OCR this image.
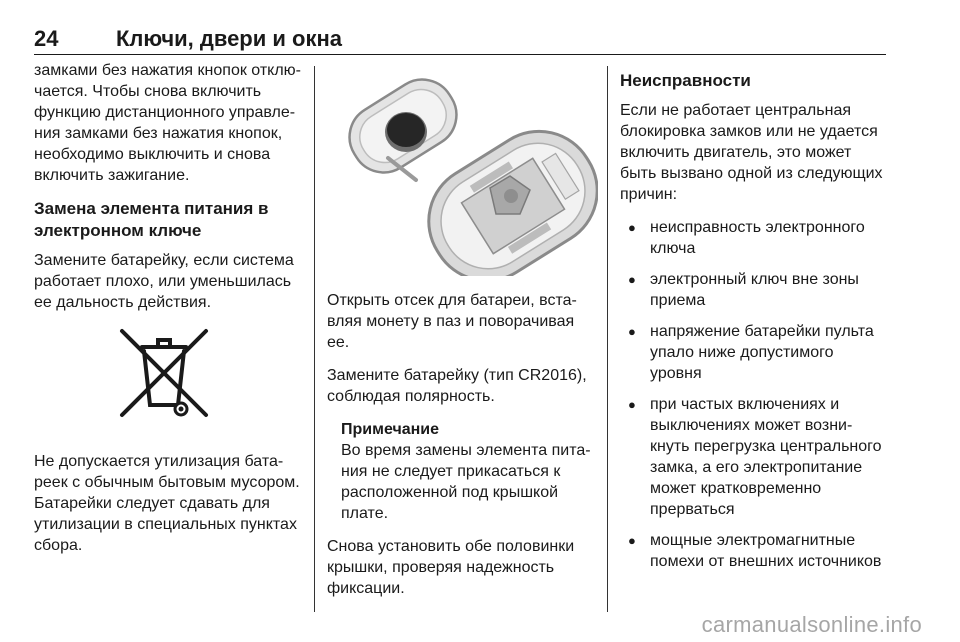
24	Ключи, двери и окна

замками без нажатия кнопок отклю-
чается. Чтобы снова включить
функцию дистанционного управле-
ния замками без нажатия кнопок,
необходимо выключить и снова
включить зажигание.

Замена элемента питания в
электронном ключе

Замените батарейку, если система
работает плохо, или уменьшилась
ее дальность действия.

Не допускается утилизация бата-
реек с обычным бытовым мусором.
Батарейки следует сдавать для
утилизации в специальных пунктах
сбора.

Открыть отсек для батареи, вста-
вляя монету в паз и поворачивая
ее.

Замените батарейку (тип CR2016),
соблюдая полярность.

Примечание
Во время замены элемента пита-
ния не следует прикасаться к
расположенной под крышкой
плате.

Снова установить обе половинки
крышки, проверяя надежность
фиксации.

Неисправности

Если не работает центральная
блокировка замков или не удается
включить двигатель, это может
быть вызвано одной из следующих
причин:

● неисправность электронного
ключа
● электронный ключ вне зоны
приема
● напряжение батарейки пульта
упало ниже допустимого
уровня
● при частых включениях и
выключениях может возни-
кнуть перегрузка центрального
замка, а его электропитание
может кратковременно
прерваться
● мощные электромагнитные
помехи от внешних источников
carmanualsonline.info
